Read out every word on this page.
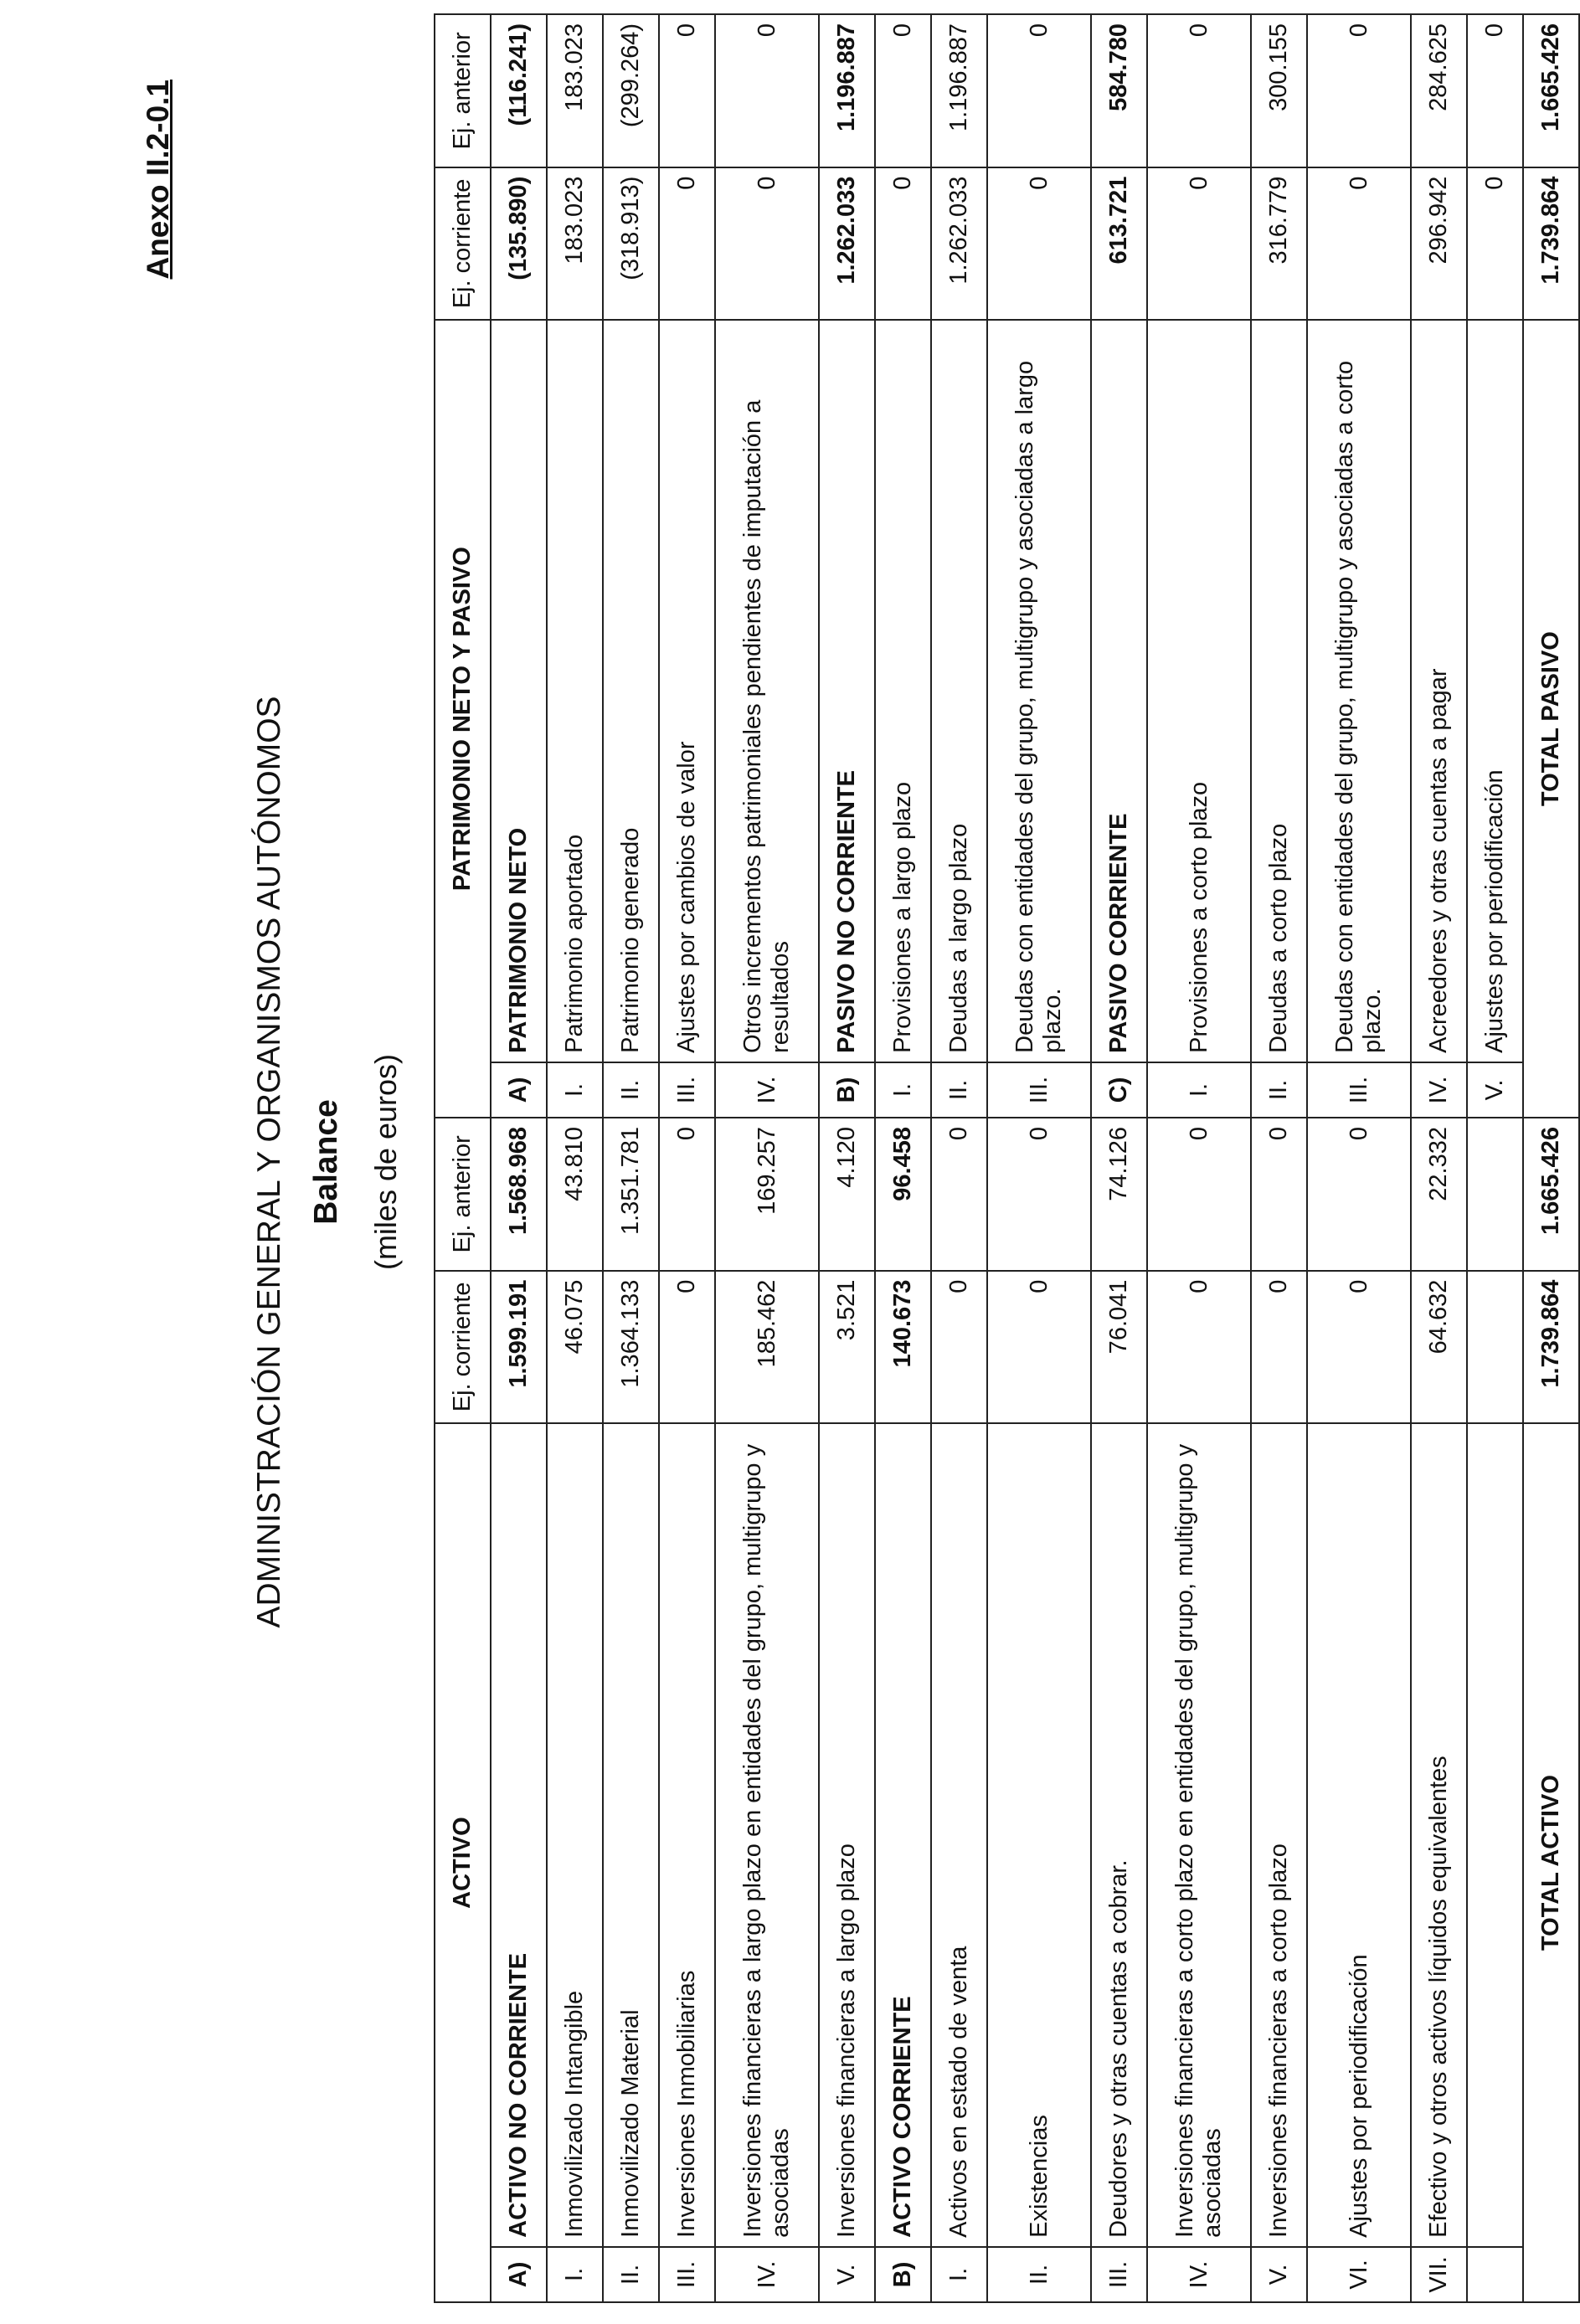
Anexo II.2-0.1
ADMINISTRACIÓN GENERAL Y ORGANISMOS AUTÓNOMOS Balance (miles de euros)
ACTIVO		Ej. corriente	Ej. anterior	PATRIMONIO NETO Y PASIVO		Ej. corriente	Ej. anterior
A)	ACTIVO NO CORRIENTE	1.599.191	1.568.968	A)	PATRIMONIO NETO	(135.890)	(116.241)
I.	Inmovilizado Intangible	46.075	43.810	I.	Patrimonio aportado	183.023	183.023
II.	Inmovilizado Material	1.364.133	1.351.781	II.	Patrimonio generado	(318.913)	(299.264)
III.	Inversiones Inmobiliarias	0	0	III.	Ajustes por cambios de valor	0	0
IV.	Inversiones financieras a largo plazo en entidades del grupo, multigrupo y asociadas	185.462	169.257	IV.	Otros incrementos patrimoniales pendientes de imputación a resultados	0	0
V.	Inversiones financieras a largo plazo	3.521	4.120	B)	PASIVO NO CORRIENTE	1.262.033	1.196.887
B)	ACTIVO CORRIENTE	140.673	96.458	I.	Provisiones a largo plazo	0	0
I.	Activos en estado de venta	0	0	II.	Deudas a largo plazo	1.262.033	1.196.887
II.	Existencias	0	0	III.	Deudas con entidades del grupo, multigrupo y asociadas a largo plazo.	0	0
III.	Deudores y otras cuentas a cobrar.	76.041	74.126	C)	PASIVO CORRIENTE	613.721	584.780
IV.	Inversiones financieras a corto plazo en entidades del grupo, multigrupo y asociadas	0	0	I.	Provisiones a corto plazo	0	0
V.	Inversiones financieras a corto plazo	0	0	II.	Deudas a corto plazo	316.779	300.155
VI.	Ajustes por periodificación	0	0	III.	Deudas con entidades del grupo, multigrupo y asociadas a corto plazo.	0	0
VII.	Efectivo y otros activos líquidos equivalentes	64.632	22.332	IV.	Acreedores y otras cuentas a pagar	296.942	284.625
				V.	Ajustes por periodificación	0	0
TOTAL ACTIVO		1.739.864	1.665.426	TOTAL PASIVO		1.739.864	1.665.426
